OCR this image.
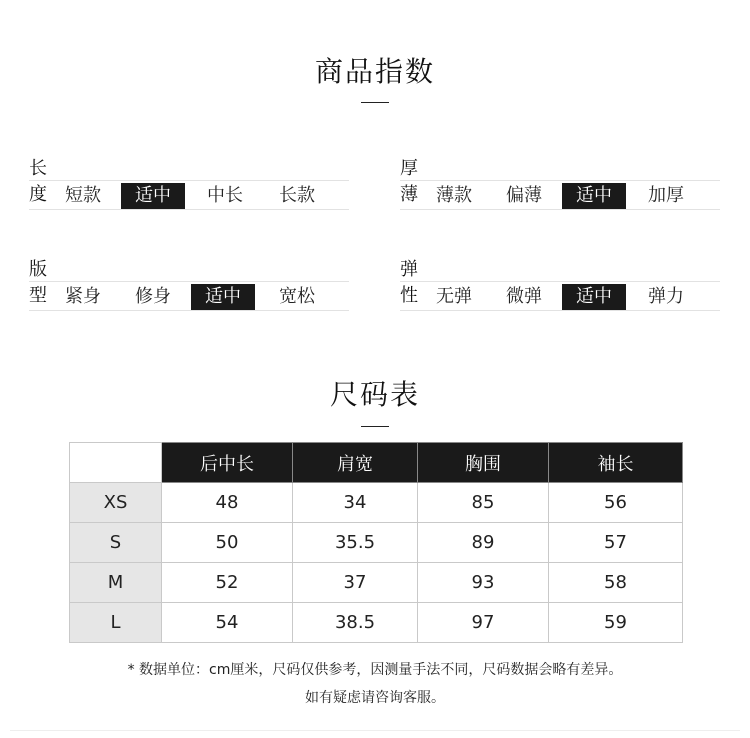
商品指数
长度	短款	适中	中长	长款
厚薄	薄款	偏薄	适中	加厚
版型	紧身	修身	适中	宽松
弹性	无弹	微弹	适中	弹力
尺码表
	后中长	肩宽	胸围	袖长
XS	48	34	85	56
S	50	35.5	89	57
M	52	37	93	58
L	54	38.5	97	59
* 数据单位：cm厘米，尺码仅供参考，因测量手法不同，尺码数据会略有差异。
如有疑虑请咨询客服。
